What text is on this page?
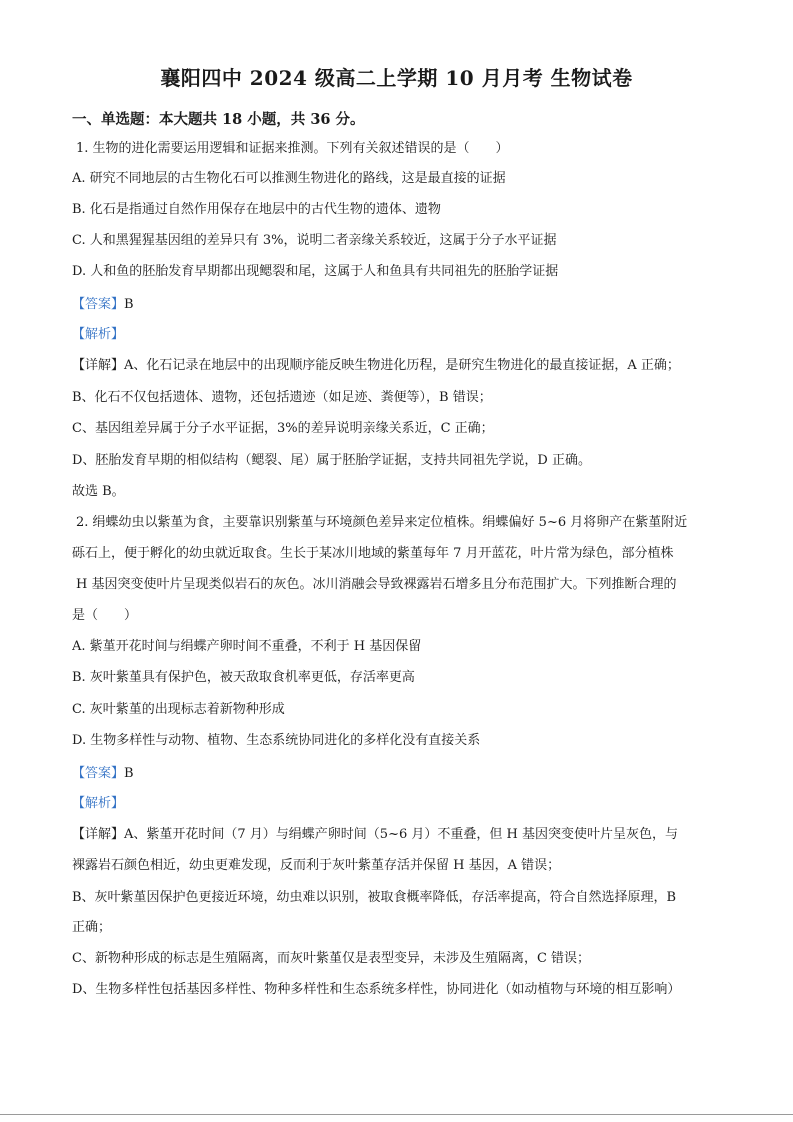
襄阳四中 2024 级高二上学期 10 月月考 生物试卷
一、单选题：本大题共 18 小题，共 36 分。
1. 生物的进化需要运用逻辑和证据来推测。下列有关叙述错误的是（　　）
A. 研究不同地层的古生物化石可以推测生物进化的路线，这是最直接的证据
B. 化石是指通过自然作用保存在地层中的古代生物的遗体、遗物
C. 人和黑猩猩基因组的差异只有 3%，说明二者亲缘关系较近，这属于分子水平证据
D. 人和鱼的胚胎发育早期都出现鳃裂和尾，这属于人和鱼具有共同祖先的胚胎学证据
【答案】B
【解析】
【详解】A、化石记录在地层中的出现顺序能反映生物进化历程，是研究生物进化的最直接证据，A 正确；
B、化石不仅包括遗体、遗物，还包括遗迹（如足迹、粪便等），B 错误；
C、基因组差异属于分子水平证据，3%的差异说明亲缘关系近，C 正确；
D、胚胎发育早期的相似结构（鳃裂、尾）属于胚胎学证据，支持共同祖先学说，D 正确。
故选 B。
2. 绢蝶幼虫以紫堇为食，主要靠识别紫堇与环境颜色差异来定位植株。绢蝶偏好 5~6 月将卵产在紫堇附近
砾石上，便于孵化的幼虫就近取食。生长于某冰川地域的紫堇每年 7 月开蓝花，叶片常为绿色，部分植株
H 基因突变使叶片呈现类似岩石的灰色。冰川消融会导致裸露岩石增多且分布范围扩大。下列推断合理的
是（　　）
A. 紫堇开花时间与绢蝶产卵时间不重叠，不利于 H 基因保留
B. 灰叶紫堇具有保护色，被天敌取食机率更低，存活率更高
C. 灰叶紫堇的出现标志着新物种形成
D. 生物多样性与动物、植物、生态系统协同进化的多样化没有直接关系
【答案】B
【解析】
【详解】A、紫堇开花时间（7 月）与绢蝶产卵时间（5~6 月）不重叠，但 H 基因突变使叶片呈灰色，与
裸露岩石颜色相近，幼虫更难发现，反而利于灰叶紫堇存活并保留 H 基因，A 错误；
B、灰叶紫堇因保护色更接近环境，幼虫难以识别，被取食概率降低，存活率提高，符合自然选择原理，B
正确；
C、新物种形成的标志是生殖隔离，而灰叶紫堇仅是表型变异，未涉及生殖隔离，C 错误；
D、生物多样性包括基因多样性、物种多样性和生态系统多样性，协同进化（如动植物与环境的相互影响）
